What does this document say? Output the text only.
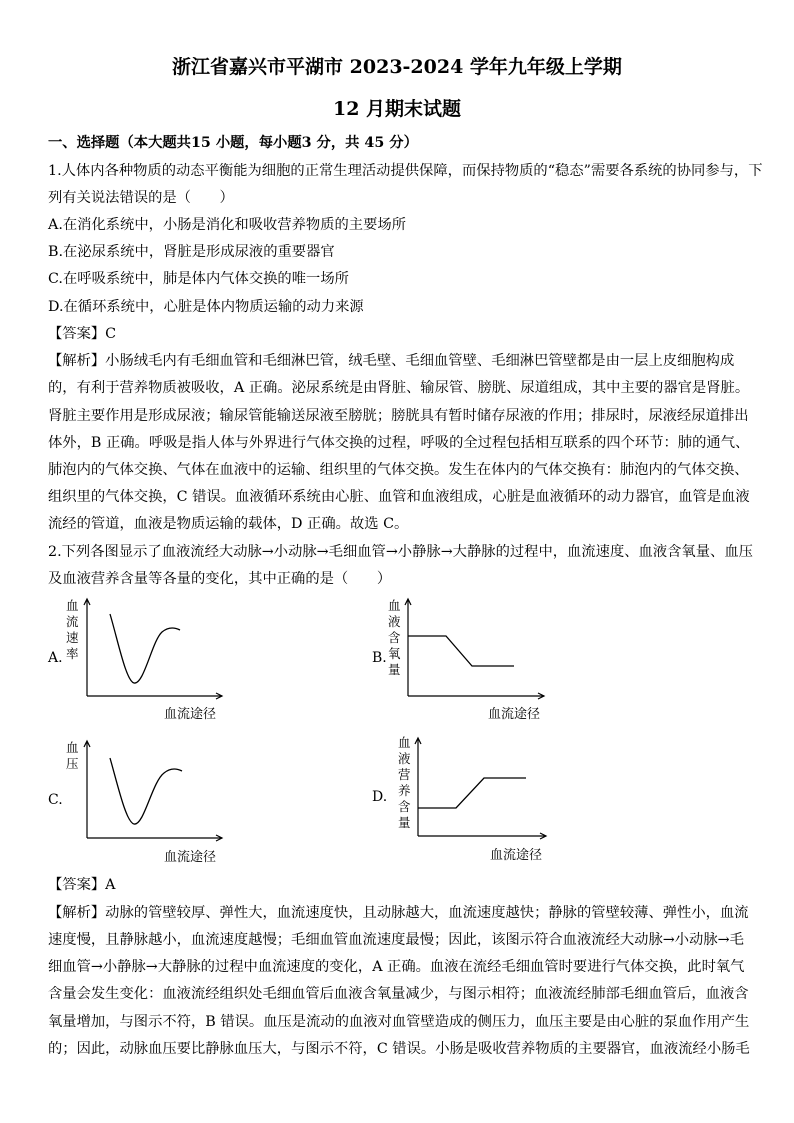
浙江省嘉兴市平湖市 2023-2024 学年九年级上学期
12 月期末试题
一、选择题（本大题共15 小题，每小题3 分，共 45 分）
1.人体内各种物质的动态平衡能为细胞的正常生理活动提供保障，而保持物质的“稳态”需要各系统的协同参与，下
列有关说法错误的是（　　）
A.在消化系统中，小肠是消化和吸收营养物质的主要场所
B.在泌尿系统中，肾脏是形成尿液的重要器官
C.在呼吸系统中，肺是体内气体交换的唯一场所
D.在循环系统中，心脏是体内物质运输的动力来源
【答案】C
【解析】小肠绒毛内有毛细血管和毛细淋巴管，绒毛壁、毛细血管壁、毛细淋巴管壁都是由一层上皮细胞构成
的，有利于营养物质被吸收，A 正确。泌尿系统是由肾脏、输尿管、膀胱、尿道组成，其中主要的器官是肾脏。
肾脏主要作用是形成尿液；输尿管能输送尿液至膀胱；膀胱具有暂时储存尿液的作用；排尿时，尿液经尿道排出
体外，B 正确。呼吸是指人体与外界进行气体交换的过程，呼吸的全过程包括相互联系的四个环节：肺的通气、
肺泡内的气体交换、气体在血液中的运输、组织里的气体交换。发生在体内的气体交换有：肺泡内的气体交换、
组织里的气体交换，C 错误。血液循环系统由心脏、血管和血液组成，心脏是血液循环的动力器官，血管是血液
流经的管道，血液是物质运输的载体，D 正确。故选 C。
2.下列各图显示了血液流经大动脉→小动脉→毛细血管→小静脉→大静脉的过程中，血流速度、血液含氧量、血压
及血液营养含量等各量的变化，其中正确的是（　　）
A.
血
流
速
率
血流途径
B.
血
液
含
氧
量
血流途径
C.
血
压
血流途径
D.
血
液
营
养
含
量
血流途径
【答案】A
【解析】动脉的管壁较厚、弹性大，血流速度快，且动脉越大，血流速度越快；静脉的管壁较薄、弹性小，血流
速度慢，且静脉越小，血流速度越慢；毛细血管血流速度最慢；因此，该图示符合血液流经大动脉→小动脉→毛
细血管→小静脉→大静脉的过程中血流速度的变化，A 正确。血液在流经毛细血管时要进行气体交换，此时氧气
含量会发生变化：血液流经组织处毛细血管后血液含氧量减少，与图示相符；血液流经肺部毛细血管后，血液含
氧量增加，与图示不符，B 错误。血压是流动的血液对血管壁造成的侧压力，血压主要是由心脏的泵血作用产生
的；因此，动脉血压要比静脉血压大，与图示不符，C 错误。小肠是吸收营养物质的主要器官，血液流经小肠毛
